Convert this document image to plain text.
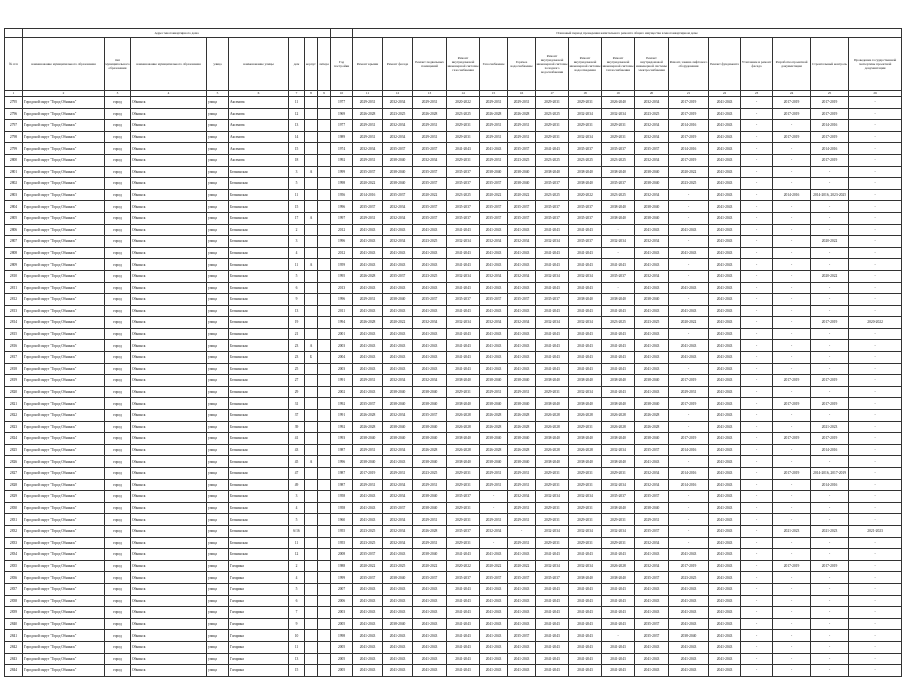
	Адрес многоквартирного дома									Плановый период проведения капитального ремонта общего имущества в многоквартирном доме															
№ п/п	наименование муниципального образования	тип муниципального образования	наименование муниципального образования	улица	наименование улицы	дом	корпус	литера	Год постройки	Ремонт крыши	Ремонт фасада	Ремонт подвальных помещений	Ремонт внутридомовой инженерной системы газоснабжения	Газоснабжение	Горячее водоснабжение	Ремонт внутридомовой инженерной системы холодного водоснабжения	Ремонт внутридомовой инженерной системы водоотведения	Ремонт внутридомовой инженерной системы теплоснабжения	Ремонт внутридомовой инженерной системы электроснабжения	Ремонт, замена лифтового оборудования	Ремонт фундамента	Утепление и ремонт фасада	Разработка проектной документации	Строительный контроль	Проведение государственной экспертизы проектной документации
1	2	3	4	5	6	7	8	9	10	11	12	13	14	15	16	17	18	19	20	21	22	23	24	25	26
2795	Городской округ "Город Обнинск"	город	Обнинск	улица	Аксенова	11			1977	2029-2031	2032-2034	2029-2031	2020-2022	2029-2031	2029-2031	2029-2031	2029-2031	2026-2040	2032-2034	2017-2019	2041-2043	-	2017-2019	2017-2019	-
2796	Городской округ "Город Обнинск"	город	Обнинск	улица	Аксенова	12			1969	2026-2028	2023-2025	2026-2028	2023-2025	2026-2028	2026-2028	2023-2025	2032-2034	2032-2034	2023-2025	2017-2019	2041-2043	-	2017-2019	2017-2019	-
2797	Городской округ "Город Обнинск"	город	Обнинск	улица	Аксенова	13			1977	2029-2031	2032-2034	2029-2031	2029-2031	2029-2031	2029-2031	2029-2031	2029-2031	2029-2031	2032-2034	2014-2016	2041-2043	-	-	2014-2016	-
2798	Городской округ "Город Обнинск"	город	Обнинск	улица	Аксенова	14			1989	2029-2031	2032-2034	2029-2031	2029-2031	2029-2031	2029-2031	2029-2031	2032-2034	2029-2031	2032-2034	2017-2019	2041-2043	-	2017-2019	2017-2019	-
2799	Городской округ "Город Обнинск"	город	Обнинск	улица	Аксенова	15			1974	2032-2034	2035-2037	2035-2037	2041-2043	2041-2043	2035-2037	2041-2043	2035-2037	2035-2037	2035-2037	2014-2016	2041-2043	-	-	2014-2016	-
2800	Городской округ "Город Обнинск"	город	Обнинск	улица	Аксенова	18			1992	2029-2031	2038-2040	2032-2034	2029-2031	2029-2031	2023-2025	2023-2025	2023-2025	2023-2025	2032-2034	2017-2019	2041-2043	-	-	2017-2019	-
2801	Городской округ "Город Обнинск"	город	Обнинск	улица	Белкинская	3	А		1999	2035-2037	2038-2040	2035-2037	2035-2037	2038-2040	2038-2040	2038-2040	2038-2040	2038-2040	2038-2040	2020-2022	2041-2043	-	-	-	-
2802	Городской округ "Город Обнинск"	город	Обнинск	улица	Белкинская	5			1998	2020-2022	2038-2040	2035-2037	2035-2037	2035-2037	2038-2040	2035-2037	2038-2040	2035-2037	2038-2040	2023-2025	2041-2043	-	-	-	-
2803	Городской округ "Город Обнинск"	город	Обнинск	улица	Белкинская	11			1956	2014-2016	2035-2037	2020-2022	2023-2025	2020-2022	2020-2022	2023-2025	2020-2022	2023-2025	2032-2034	-	2041-2043	-	2014-2016	2014-2016, 2023-2025	-
2804	Городской округ "Город Обнинск"	город	Обнинск	улица	Белкинская	15			1996	2035-2037	2032-2034	2035-2037	2035-2037	2035-2037	2035-2037	2035-2037	2035-2037	2038-2040	2038-2040	-	2041-2043	-	-	-	-
2805	Городской округ "Город Обнинск"	город	Обнинск	улица	Белкинская	17	А		1997	2029-2031	2032-2034	2035-2037	2035-2037	2035-2037	2035-2037	2035-2037	2035-2037	2038-2040	2038-2040	-	2041-2043	-	-	-	-
2806	Городской округ "Город Обнинск"	город	Обнинск	улица	Белкинская	2			2012	2041-2043	2041-2043	2041-2043	2041-2043	2041-2043	2041-2043	2041-2043	2041-2043	-	2041-2043	2041-2043	2041-2043	-	-	-	-
2807	Городской округ "Город Обнинск"	город	Обнинск	улица	Белкинская	3			1996	2041-2043	2032-2034	2023-2025	2032-2034	2032-2034	2032-2034	2032-2034	2035-2037	2032-2034	2032-2034	-	2041-2043	-	-	2020-2022	-
2808	Городской округ "Город Обнинск"	город	Обнинск	улица	Белкинская	4			2012	2041-2043	2041-2043	2041-2043	2041-2043	2041-2043	2041-2043	2041-2043	2041-2043	-	2041-2043	2041-2043	2041-2043	-	-	-	-
2809	Городской округ "Город Обнинск"	город	Обнинск	улица	Белкинская	11	А		1959	2041-2043	2041-2043	2041-2043	2041-2043	2041-2043	2041-2043	2041-2043	2041-2043	2041-2043	2041-2043	-	2041-2043	-	-	-	-
2810	Городской округ "Город Обнинск"	город	Обнинск	улица	Белкинская	5			1995	2026-2028	2035-2037	2023-2025	2032-2034	2032-2034	2032-2034	2032-2034	2032-2034	2035-2037	2032-2034	-	2041-2043	-	-	2020-2022	-
2811	Городской округ "Город Обнинск"	город	Обнинск	улица	Белкинская	6			2013	2041-2043	2041-2043	2041-2043	2041-2043	2041-2043	2041-2043	2041-2043	2041-2043	-	2041-2043	2041-2043	2041-2043	-	-	-	-
2812	Городской округ "Город Обнинск"	город	Обнинск	улица	Белкинская	9			1996	2029-2031	2038-2040	2035-2037	2035-2037	2035-2037	2035-2037	2035-2037	2038-2040	2038-2040	2038-2040	-	2041-2043	-	-	-	-
2813	Городской округ "Город Обнинск"	город	Обнинск	улица	Белкинская	13			2011	2041-2043	2041-2043	2041-2043	2041-2043	2041-2043	2041-2043	2041-2043	2041-2043	2041-2043	2041-2043	2041-2043	2041-2043	-	-	-	-
2814	Городской округ "Город Обнинск"	город	Обнинск	улица	Белкинская	19			1994	2026-2028	2020-2022	2032-2034	2032-2034	2032-2034	2032-2034	2032-2034	2032-2034	2023-2025	2023-2025	2020-2022	2041-2043	-	-	2017-2019	2020-2022
2815	Городской округ "Город Обнинск"	город	Обнинск	улица	Белкинская	21			2001	2041-2043	2041-2043	2041-2043	2041-2043	2041-2043	2041-2043	2041-2043	2041-2043	2041-2043	2041-2043	-	2041-2043	-	-	-	-
2816	Городской округ "Город Обнинск"	город	Обнинск	улица	Белкинская	23	А		2003	2041-2043	2041-2043	2041-2043	2041-2043	2041-2043	2041-2043	2041-2043	2041-2043	2041-2043	2041-2043	2041-2043	2041-2043	-	-	-	-
2817	Городской округ "Город Обнинск"	город	Обнинск	улица	Белкинская	23	Б		2004	2041-2043	2041-2043	2041-2043	2041-2043	2041-2043	2041-2043	2041-2043	2041-2043	2041-2043	2041-2043	2041-2043	2041-2043	-	-	-	-
2818	Городской округ "Город Обнинск"	город	Обнинск	улица	Белкинская	25			2003	2041-2043	2041-2043	2041-2043	2041-2043	2041-2043	2041-2043	2041-2043	2041-2043	2041-2043	2041-2043	-	2041-2043	-	-	-	-
2819	Городской округ "Город Обнинск"	город	Обнинск	улица	Белкинская	27			1991	2029-2031	2032-2034	2032-2034	2038-2040	2038-2040	2038-2040	2038-2040	2038-2040	2038-2040	2038-2040	2017-2019	2041-2043	-	2017-2019	2017-2019	-
2820	Городской округ "Город Обнинск"	город	Обнинск	улица	Белкинская	29			2002	2041-2043	2038-2040	2038-2040	2029-2031	2029-2031	2029-2031	2029-2031	2032-2034	2041-2043	2041-2043	2029-2031	2041-2043	-	-	-	-
2821	Городской округ "Город Обнинск"	город	Обнинск	улица	Белкинская	31			1992	2035-2037	2038-2040	2038-2040	2038-2040	2038-2040	2038-2040	2038-2040	2038-2040	2038-2040	2038-2040	2017-2019	2041-2043	-	2017-2019	2017-2019	-
2822	Городской округ "Город Обнинск"	город	Обнинск	улица	Белкинская	37			1991	2026-2028	2032-2034	2035-2037	2026-2028	2026-2028	2026-2028	2026-2028	2026-2028	2026-2028	2026-2028	-	2041-2043	-	-	-	-
2823	Городской округ "Город Обнинск"	город	Обнинск	улица	Белкинская	39			1992	2026-2028	2038-2040	2038-2040	2026-2028	2026-2028	2026-2028	2026-2028	2029-2031	2026-2028	2026-2028	-	2041-2043	-	-	2021-2023	-
2824	Городской округ "Город Обнинск"	город	Обнинск	улица	Белкинская	41			1993	2038-2040	2038-2040	2038-2040	2038-2040	2038-2040	2038-2040	2038-2040	2038-2040	2038-2040	2038-2040	2017-2019	2041-2043	-	2017-2019	2017-2019	-
2825	Городской округ "Город Обнинск"	город	Обнинск	улица	Белкинская	43			1987	2029-2031	2032-2034	2026-2028	2026-2028	2026-2028	2026-2028	2026-2028	2026-2028	2032-2034	2035-2037	2014-2016	2041-2043	-	-	2014-2016	-
2826	Городской округ "Город Обнинск"	город	Обнинск	улица	Белкинская	45	А		1996	2038-2040	2041-2043	2038-2040	2038-2040	2038-2040	2038-2040	2038-2040	2038-2040	2038-2040	2041-2043	-	2041-2043	-	-	-	-
2827	Городской округ "Город Обнинск"	город	Обнинск	улица	Белкинская	47			1987	2017-2019	2029-2031	2023-2025	2029-2031	2029-2031	2029-2031	2029-2031	2029-2031	2029-2031	2032-2034	2014-2016	2041-2043	-	2017-2019	2014-2016, 2017-2019	-
2828	Городской округ "Город Обнинск"	город	Обнинск	улица	Белкинская	49			1987	2029-2031	2032-2034	2029-2031	2029-2031	2029-2031	2029-2031	2029-2031	2029-2031	2032-2034	2032-2034	2014-2016	2041-2043	-	-	2014-2016	-
2829	Городской округ "Город Обнинск"	город	Обнинск	улица	Белкинская	3			1958	2041-2043	2032-2034	2038-2040	2035-2037	-	2032-2034	2032-2034	2032-2034	2035-2037	2035-2037	-	2041-2043	-	-	-	-
2830	Городской округ "Город Обнинск"	город	Обнинск	улица	Белкинская	4			1958	2041-2043	2035-2037	2038-2040	2029-2031	-	2029-2031	2029-2031	2029-2031	2038-2040	2038-2040	-	2041-2043	-	-	-	-
2831	Городской округ "Город Обнинск"	город	Обнинск	улица	Белкинская	5			1960	2041-2043	2032-2034	2029-2031	2029-2031	2029-2031	2029-2031	2029-2031	2029-2031	2029-2031	2029-2031	-	2041-2043	-	-	-	-
2832	Городской округ "Город Обнинск"	город	Обнинск	улица	Белкинская	6/16			1955	2023-2025	2032-2034	2026-2028	2035-2037	2032-2034	-	2032-2034	2032-2034	2032-2034	2035-2037	-	2041-2043	-	2021-2023	2021-2023	2021-2023
2833	Городской округ "Город Обнинск"	город	Обнинск	улица	Белкинская	11			1955	2023-2025	2032-2034	2029-2031	2029-2031	-	2029-2031	2029-2031	2029-2031	2029-2031	2032-2034	-	2041-2043	-	-	-	-
2834	Городской округ "Город Обнинск"	город	Обнинск	улица	Белкинская	12			2008	2035-2037	2041-2043	2038-2040	2041-2043	2041-2043	2041-2043	2041-2043	2041-2043	2041-2043	2041-2043	2041-2043	2041-2043	-	-	-	-
2835	Городской округ "Город Обнинск"	город	Обнинск	улица	Гагарина	2			1988	2020-2022	2023-2025	2020-2022	2020-2022	2020-2022	2020-2022	2032-2034	2032-2034	2026-2028	2032-2034	2017-2019	2041-2043	-	2017-2019	2017-2019	-
2836	Городской округ "Город Обнинск"	город	Обнинск	улица	Гагарина	4			1999	2035-2037	2038-2040	2035-2037	2035-2037	2035-2037	2035-2037	2035-2037	2038-2040	2038-2040	2035-2037	2023-2025	2041-2043	-	-	-	-
2837	Городской округ "Город Обнинск"	город	Обнинск	улица	Гагарина	5			2007	2041-2043	2041-2043	2041-2043	2041-2043	2041-2043	2041-2043	2041-2043	2041-2043	2041-2043	2041-2043	2041-2043	2041-2043	-	-	-	-
2838	Городской округ "Город Обнинск"	город	Обнинск	улица	Гагарина	6			2006	2041-2043	2041-2043	2041-2043	2041-2043	2041-2043	2041-2043	2041-2043	2041-2043	2041-2043	2041-2043	2041-2043	2041-2043	-	-	-	-
2839	Городской округ "Город Обнинск"	город	Обнинск	улица	Гагарина	7			2003	2041-2043	2041-2043	2041-2043	2041-2043	2041-2043	2041-2043	2041-2043	2041-2043	2041-2043	2041-2043	2041-2043	2041-2043	-	-	-	-
2840	Городской округ "Город Обнинск"	город	Обнинск	улица	Гагарина	9			2005	2041-2043	2038-2040	2041-2043	2041-2043	2041-2043	2041-2043	2041-2043	2041-2043	2041-2043	2035-2037	2041-2043	2041-2043	-	-	-	-
2841	Городской округ "Город Обнинск"	город	Обнинск	улица	Гагарина	10			1998	2041-2043	2041-2043	2041-2043	2041-2043	2041-2043	2035-2037	2041-2043	2041-2043	-	2035-2037	2038-2040	2041-2043	-	-	-	-
2842	Городской округ "Город Обнинск"	город	Обнинск	улица	Гагарина	11			2005	2041-2043	2041-2043	2041-2043	2041-2043	2041-2043	2041-2043	2041-2043	2041-2043	2041-2043	2041-2043	2041-2043	2041-2043	-	-	-	-
2843	Городской округ "Город Обнинск"	город	Обнинск	улица	Гагарина	13			2005	2041-2043	2041-2043	2041-2043	2041-2043	2041-2043	2041-2043	2041-2043	2041-2043	2041-2043	2041-2043	2041-2043	2041-2043	-	-	-	-
2844	Городской округ "Город Обнинск"	город	Обнинск	улица	Гагарина	15			2005	2041-2043	2041-2043	2041-2043	2041-2043	2041-2043	2041-2043	2041-2043	2041-2043	2041-2043	2041-2043	2041-2043	2041-2043	-	-	-	-
